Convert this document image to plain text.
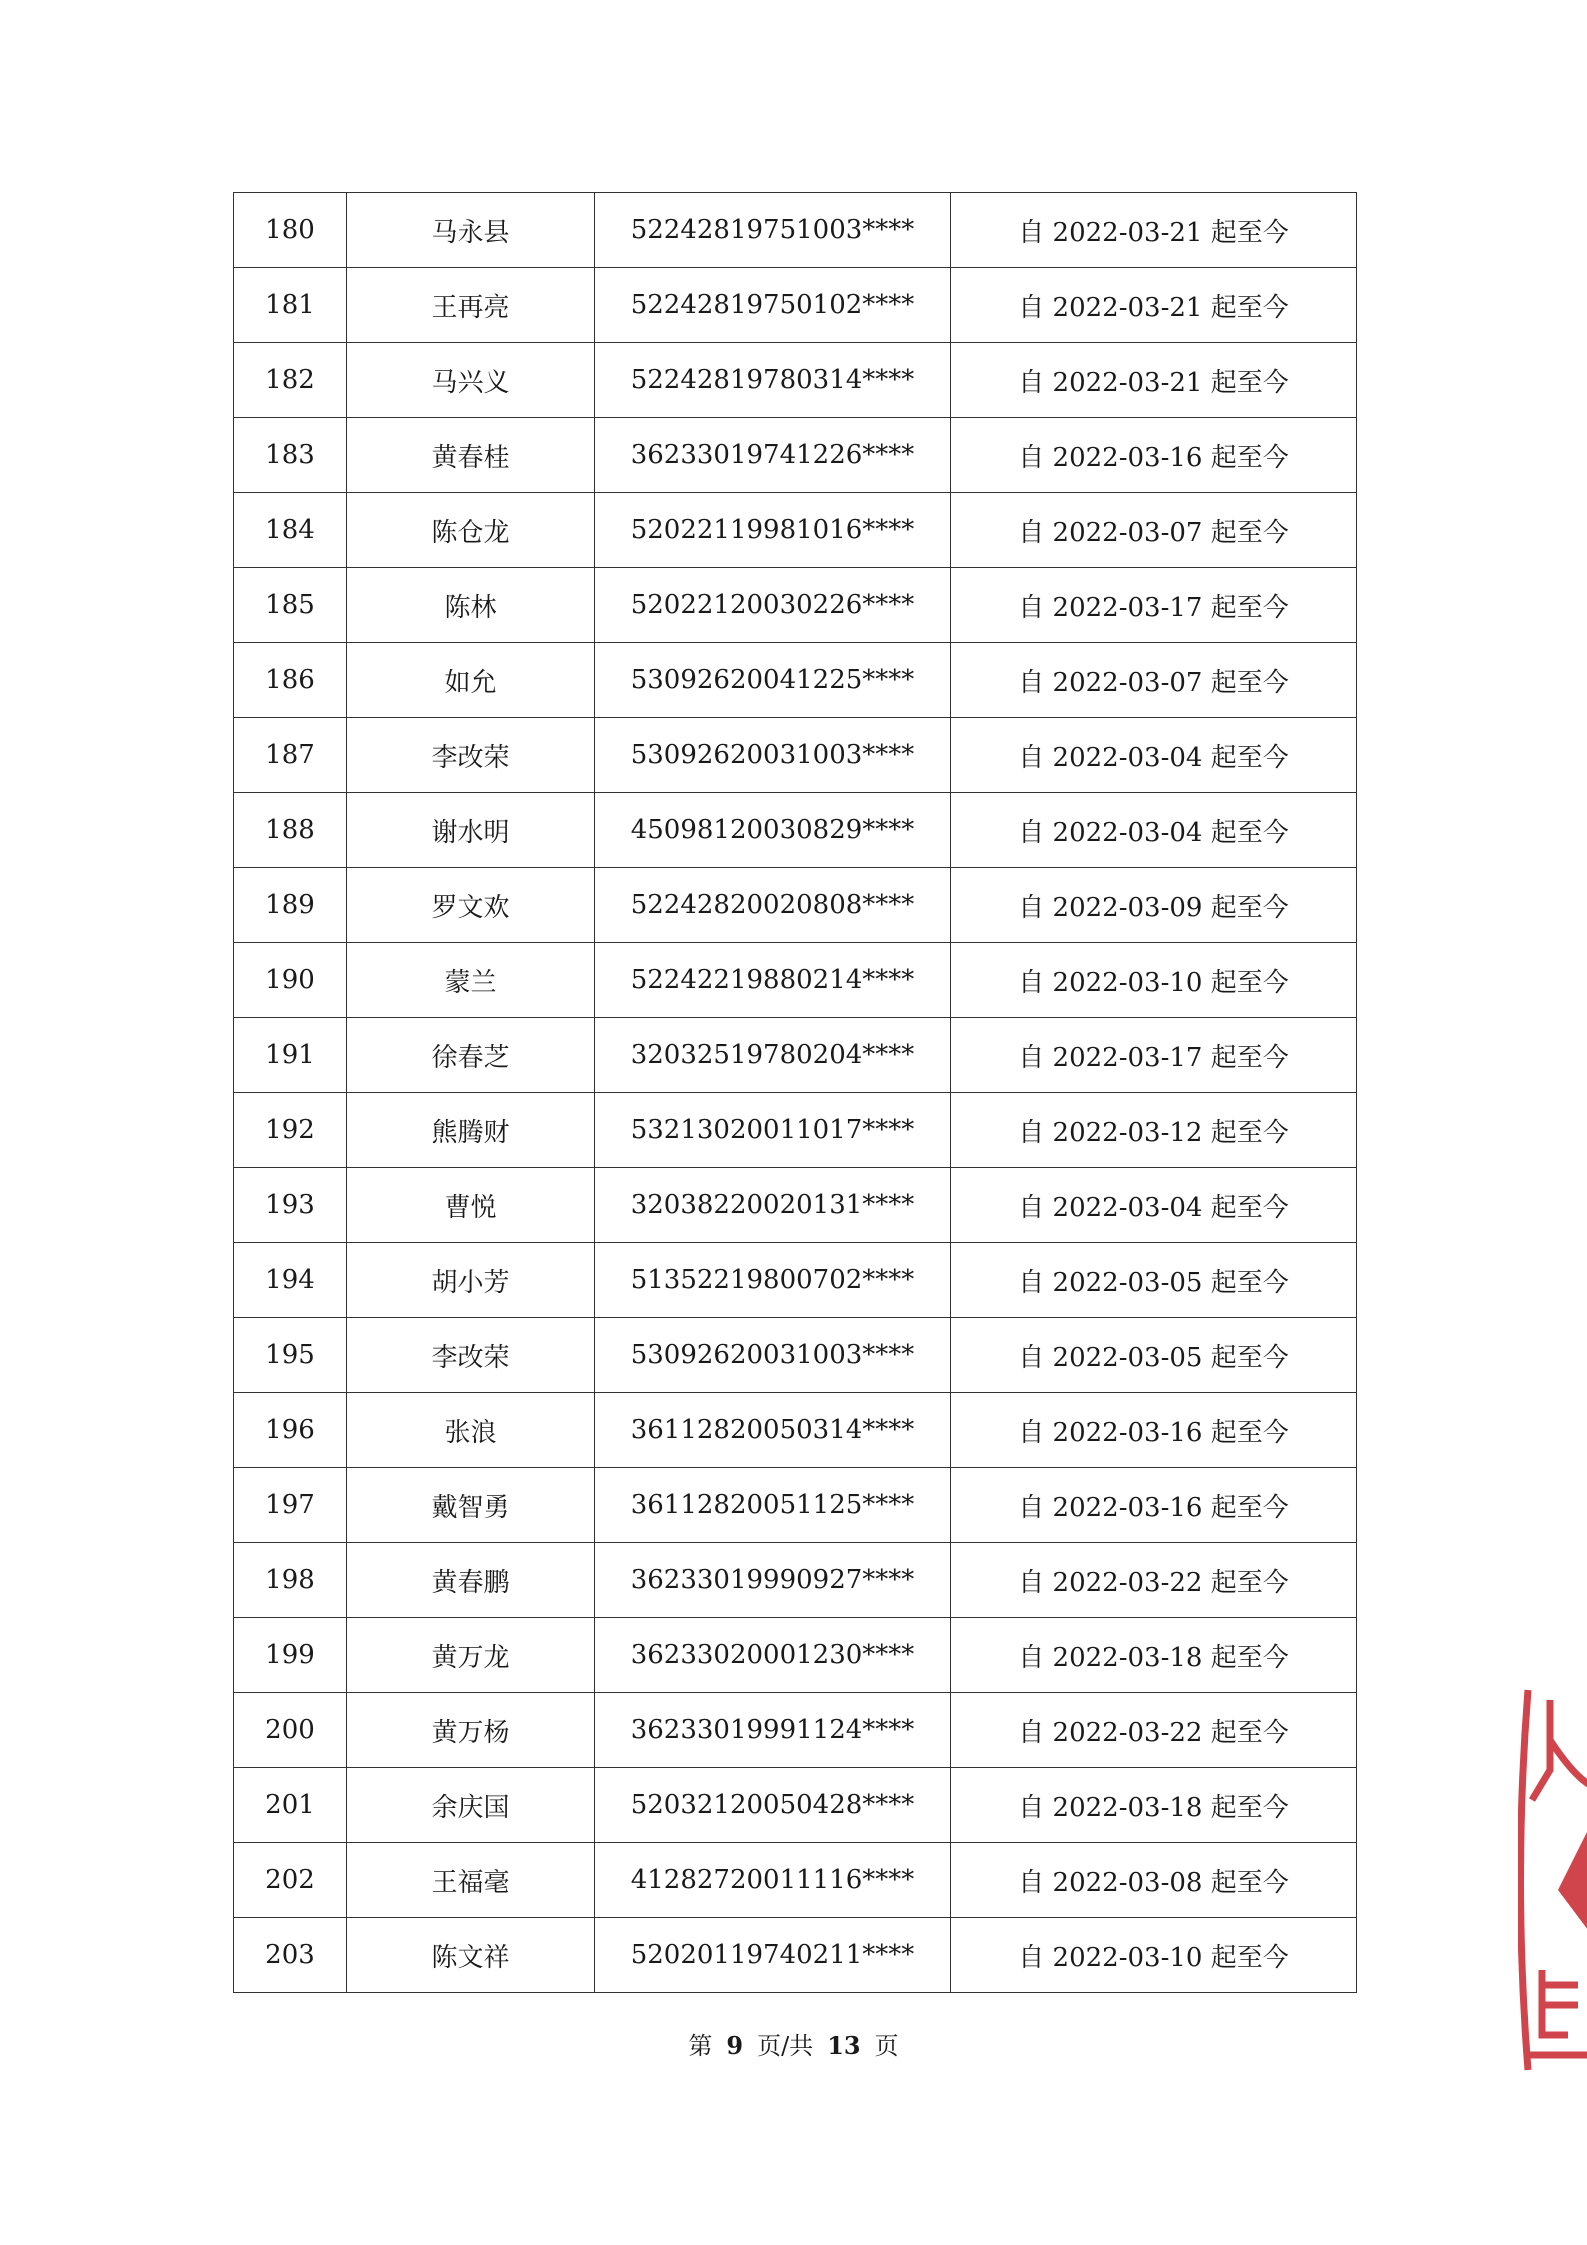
180	马永县	52242819751003****	自 2022-03-21 起至今
181	王再亮	52242819750102****	自 2022-03-21 起至今
182	马兴义	52242819780314****	自 2022-03-21 起至今
183	黄春桂	36233019741226****	自 2022-03-16 起至今
184	陈仓龙	52022119981016****	自 2022-03-07 起至今
185	陈林	52022120030226****	自 2022-03-17 起至今
186	如允	53092620041225****	自 2022-03-07 起至今
187	李改荣	53092620031003****	自 2022-03-04 起至今
188	谢水明	45098120030829****	自 2022-03-04 起至今
189	罗文欢	52242820020808****	自 2022-03-09 起至今
190	蒙兰	52242219880214****	自 2022-03-10 起至今
191	徐春芝	32032519780204****	自 2022-03-17 起至今
192	熊腾财	53213020011017****	自 2022-03-12 起至今
193	曹悦	32038220020131****	自 2022-03-04 起至今
194	胡小芳	51352219800702****	自 2022-03-05 起至今
195	李改荣	53092620031003****	自 2022-03-05 起至今
196	张浪	36112820050314****	自 2022-03-16 起至今
197	戴智勇	36112820051125****	自 2022-03-16 起至今
198	黄春鹏	36233019990927****	自 2022-03-22 起至今
199	黄万龙	36233020001230****	自 2022-03-18 起至今
200	黄万杨	36233019991124****	自 2022-03-22 起至今
201	余庆国	52032120050428****	自 2022-03-18 起至今
202	王福毫	41282720011116****	自 2022-03-08 起至今
203	陈文祥	52020119740211****	自 2022-03-10 起至今
第 9 页/共 13 页
